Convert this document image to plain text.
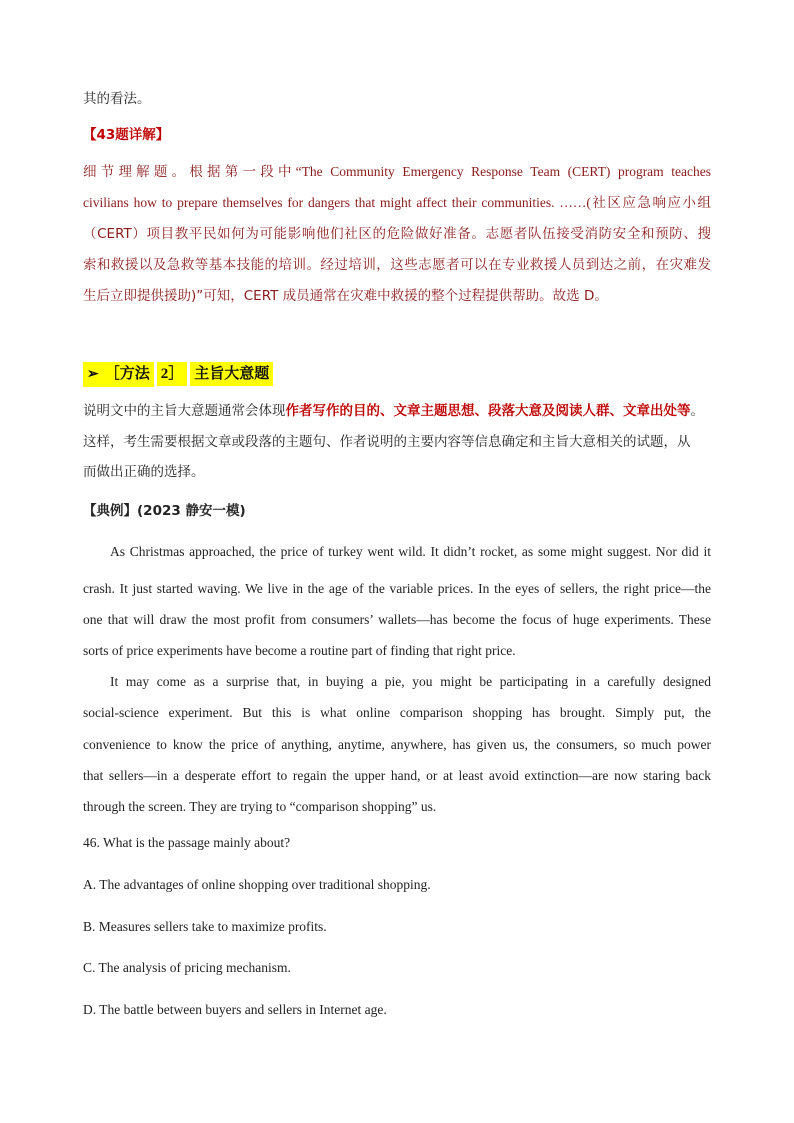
其的看法。
【43题详解】
细节理解题。根据第一段中“The Community Emergency Response Team (CERT) program teaches
civilians how to prepare themselves for dangers that might affect their communities. ……(社区应急响应小组
（CERT）项目教平民如何为可能影响他们社区的危险做好准备。志愿者队伍接受消防安全和预防、搜
索和救援以及急救等基本技能的培训。经过培训，这些志愿者可以在专业救援人员到达之前，在灾难发
生后立即提供援助)”可知，CERT 成员通常在灾难中救援的整个过程提供帮助。故选 D。
➢ ［方法 2］ 主旨大意题
说明文中的主旨大意题通常会体现作者写作的目的、文章主题思想、段落大意及阅读人群、文章出处等。
这样，考生需要根据文章或段落的主题句、作者说明的主要内容等信息确定和主旨大意相关的试题，从
而做出正确的选择。
【典例】(2023 静安一模)
As Christmas approached, the price of turkey went wild. It didn’t rocket, as some might suggest. Nor did it
crash. It just started waving. We live in the age of the variable prices. In the eyes of sellers, the right price—the
one that will draw the most profit from consumers’ wallets—has become the focus of huge experiments. These
sorts of price experiments have become a routine part of finding that right price.
It may come as a surprise that, in buying a pie, you might be participating in a carefully designed
social-science experiment. But this is what online comparison shopping has brought. Simply put, the
convenience to know the price of anything, anytime, anywhere, has given us, the consumers, so much power
that sellers—in a desperate effort to regain the upper hand, or at least avoid extinction—are now staring back
through the screen. They are trying to “comparison shopping” us.
46. What is the passage mainly about?
A. The advantages of online shopping over traditional shopping.
B. Measures sellers take to maximize profits.
C. The analysis of pricing mechanism.
D. The battle between buyers and sellers in Internet age.
